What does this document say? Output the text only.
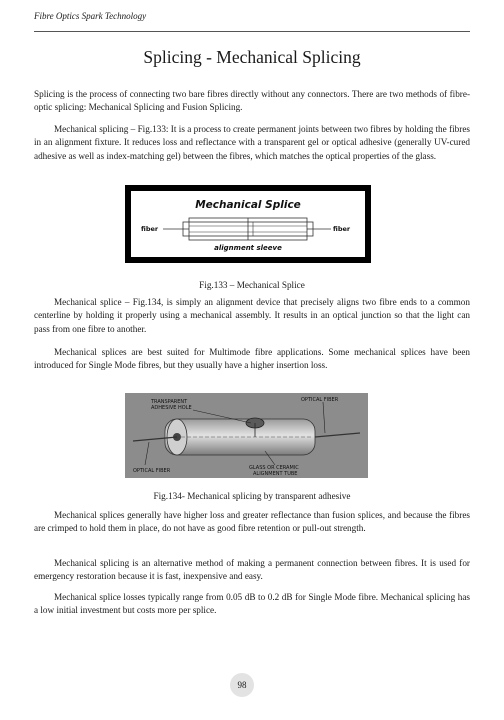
Fibre Optics Spark Technology
Splicing - Mechanical Splicing

Splicing is the process of connecting two bare fibres directly without any connectors. There are two methods of fibre-optic splicing: Mechanical Splicing and Fusion Splicing.

Mechanical splicing – Fig.133: It is a process to create permanent joints between two fibres by holding the fibres in an alignment fixture. It reduces loss and reflectance with a transparent gel or optical adhesive (generally UV-cured adhesive as well as index-matching gel) between the fibres, which matches the optical properties of the glass.

Mechanical Splice
fiber	fiber
alignment sleeve
Fig.133 – Mechanical Splice

Mechanical splice – Fig.134, is simply an alignment device that precisely aligns two fibre ends to a common centerline by holding it properly using a mechanical assembly. It results in an optical junction so that the light can pass from one fibre to another.

Mechanical splices are best suited for Multimode fibre applications. Some mechanical splices have been introduced for Single Mode fibres, but they usually have a higher insertion loss.

TRANSPARENT
ADHESIVE HOLE
OPTICAL FIBER
OPTICAL FIBER	GLASS OR CERAMIC
ALIGNMENT TUBE
Fig.134- Mechanical splicing by transparent adhesive

Mechanical splices generally have higher loss and greater reflectance than fusion splices, and because the fibres are crimped to hold them in place, do not have as good fibre retention or pull-out strength.

Mechanical splicing is an alternative method of making a permanent connection between fibres. It is used for emergency restoration because it is fast, inexpensive and easy.

Mechanical splice losses typically range from 0.05 dB to 0.2 dB for Single Mode fibre. Mechanical splicing has a low initial investment but costs more per splice.

98
